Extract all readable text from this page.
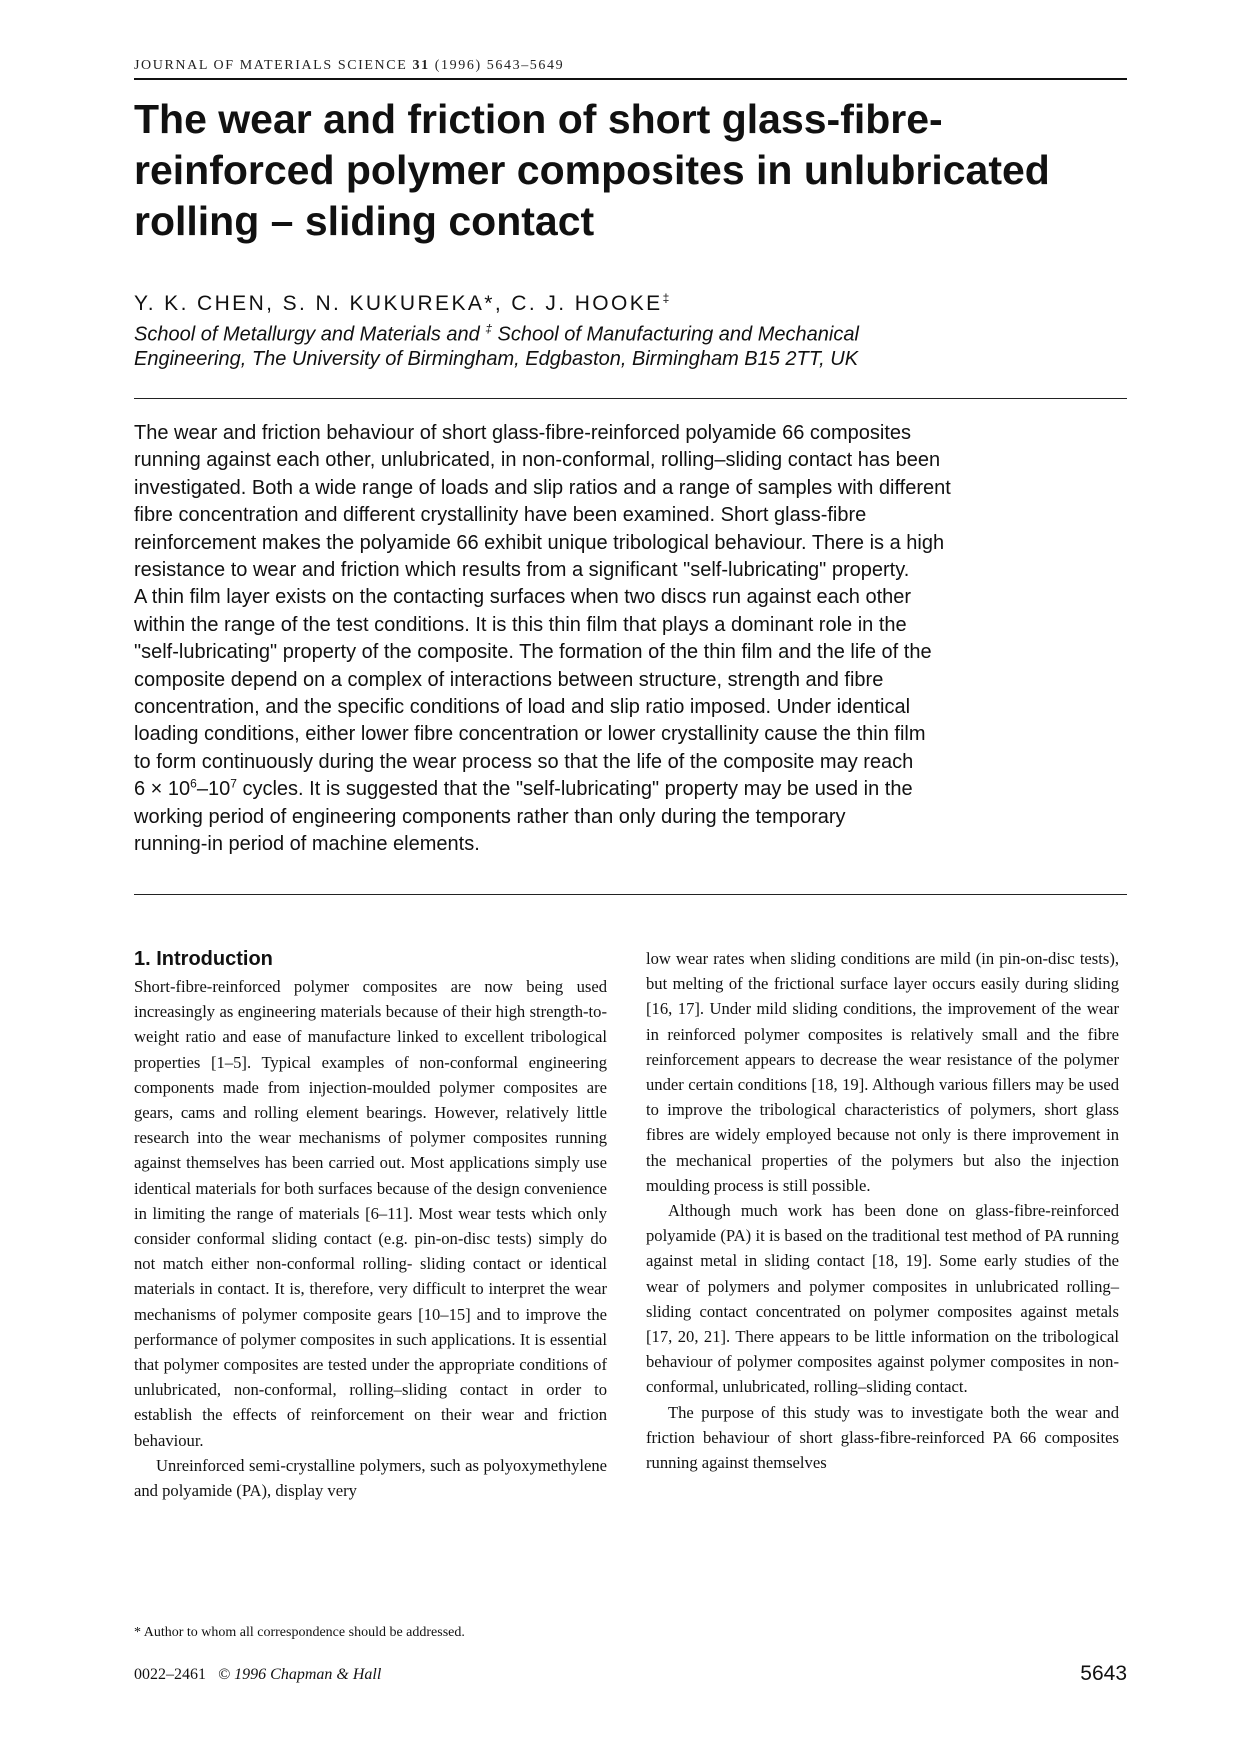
JOURNAL OF MATERIALS SCIENCE 31 (1996) 5643–5649
The wear and friction of short glass-fibre-
reinforced polymer composites in unlubricated
rolling – sliding contact

Y. K. CHEN, S. N. KUKUREKA*, C. J. HOOKE‡

School of Metallurgy and Materials and ‡ School of Manufacturing and Mechanical
Engineering, The University of Birmingham, Edgbaston, Birmingham B15 2TT, UK

The wear and friction behaviour of short glass-fibre-reinforced polyamide 66 composites
running against each other, unlubricated, in non-conformal, rolling–sliding contact has been
investigated. Both a wide range of loads and slip ratios and a range of samples with different
fibre concentration and different crystallinity have been examined. Short glass-fibre
reinforcement makes the polyamide 66 exhibit unique tribological behaviour. There is a high
resistance to wear and friction which results from a significant "self-lubricating" property.
A thin film layer exists on the contacting surfaces when two discs run against each other
within the range of the test conditions. It is this thin film that plays a dominant role in the
"self-lubricating" property of the composite. The formation of the thin film and the life of the
composite depend on a complex of interactions between structure, strength and fibre
concentration, and the specific conditions of load and slip ratio imposed. Under identical
loading conditions, either lower fibre concentration or lower crystallinity cause the thin film
to form continuously during the wear process so that the life of the composite may reach
$6 \times 10^6-10^7$ cycles. It is suggested that the "self-lubricating" property may be used in the
working period of engineering components rather than only during the temporary
running-in period of machine elements.
1. Introduction

Short-fibre-reinforced polymer composites are now being used increasingly as engineering materials because of their high strength-to-weight ratio and ease of manufacture linked to excellent tribological properties [1–5]. Typical examples of non-conformal engineering components made from injection-moulded polymer composites are gears, cams and rolling element bearings. However, relatively little research into the wear mechanisms of polymer composites running against themselves has been carried out. Most applications simply use identical materials for both surfaces because of the design convenience in limiting the range of materials [6–11]. Most wear tests which only consider conformal sliding contact (e.g. pin-on-disc tests) simply do not match either non-conformal rolling- sliding contact or identical materials in contact. It is, therefore, very difficult to interpret the wear mechanisms of polymer composite gears [10–15] and to improve the performance of polymer composites in such applications. It is essential that polymer composites are tested under the appropriate conditions of unlubricated, non-conformal, rolling–sliding contact in order to establish the effects of reinforcement on their wear and friction behaviour.

Unreinforced semi-crystalline polymers, such as polyoxymethylene and polyamide (PA), display very

low wear rates when sliding conditions are mild (in pin-on-disc tests), but melting of the frictional surface layer occurs easily during sliding [16, 17]. Under mild sliding conditions, the improvement of the wear in reinforced polymer composites is relatively small and the fibre reinforcement appears to decrease the wear resistance of the polymer under certain conditions [18, 19]. Although various fillers may be used to improve the tribological characteristics of polymers, short glass fibres are widely employed because not only is there improvement in the mechanical properties of the polymers but also the injection moulding process is still possible.

Although much work has been done on glass-fibre-reinforced polyamide (PA) it is based on the traditional test method of PA running against metal in sliding contact [18, 19]. Some early studies of the wear of polymers and polymer composites in unlubricated rolling–sliding contact concentrated on polymer composites against metals [17, 20, 21]. There appears to be little information on the tribological behaviour of polymer composites against polymer composites in non-conformal, unlubricated, rolling–sliding contact.

The purpose of this study was to investigate both the wear and friction behaviour of short glass-fibre-reinforced PA 66 composites running against themselves

* Author to whom all correspondence should be addressed.
0022–2461 © 1996 Chapman & Hall	5643
